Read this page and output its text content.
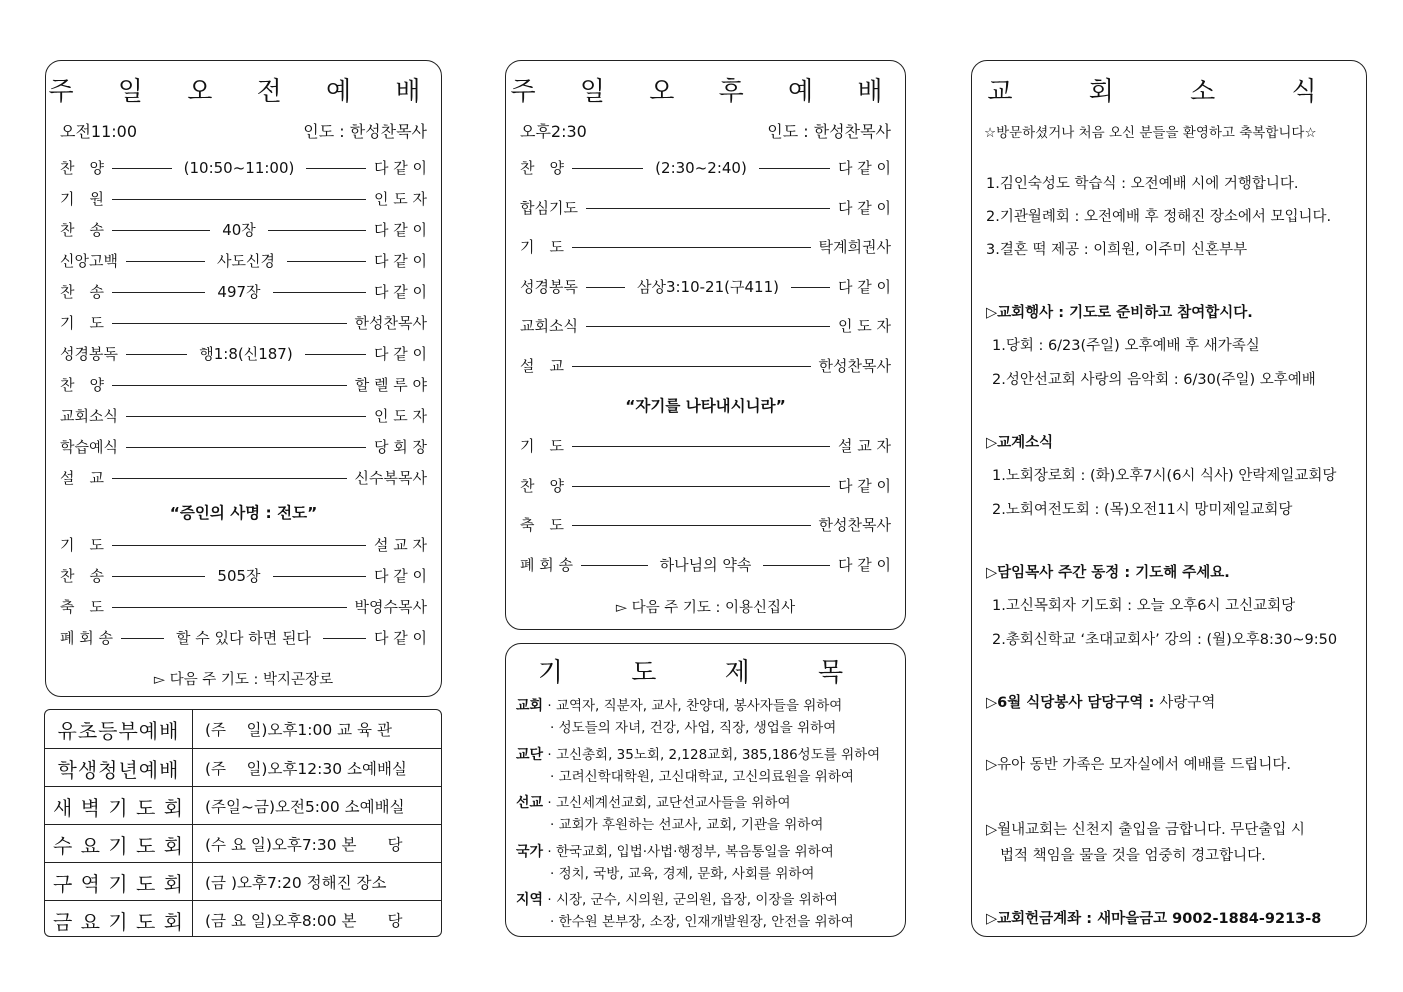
주 일 오 전 예 배
오전11:00	인도 : 한성찬목사
찬　양	(10:50~11:00)	다 같 이
기　원	인 도 자
찬　송	40장	다 같 이
신앙고백	사도신경	다 같 이
찬　송	497장	다 같 이
기　도	한성찬목사
성경봉독	행1:8(신187)	다 같 이
찬　양	할 렐 루 야
교회소식	인 도 자
학습예식	당 회 장
설　교	신수복목사
“증인의 사명 : 전도”
기　도	설 교 자
찬　송	505장	다 같 이
축　도	박영수목사
폐 회 송	할 수 있다 하면 된다	다 같 이
▻ 다음 주 기도 : 박지곤장로
유초등부예배	(주　 일)오후1:00 교 육 관
학생청년예배	(주　 일)오후12:30 소예배실
새 벽 기 도 회	(주일~금)오전5:00 소예배실
수 요 기 도 회	(수 요 일)오후7:30 본　　당
구 역 기 도 회	(금 )오후7:20 정해진 장소
금 요 기 도 회	(금 요 일)오후8:00 본　　당
주 일 오 후 예 배
오후2:30	인도 : 한성찬목사
찬　양	(2:30~2:40)	다 같 이
합심기도	다 같 이
기　도	탁계희권사
성경봉독	삼상3:10-21(구411)	다 같 이
교회소식	인 도 자
설　교	한성찬목사
“자기를 나타내시니라”
기　도	설 교 자
찬　양	다 같 이
축　도	한성찬목사
폐 회 송	하나님의 약속	다 같 이
▻ 다음 주 기도 : 이용신집사
기 도 제 목
교회 · 교역자, 직분자, 교사, 찬양대, 봉사자들을 위하여
· 성도들의 자녀, 건강, 사업, 직장, 생업을 위하여
교단 · 고신총회, 35노회, 2,128교회, 385,186성도를 위하여
· 고려신학대학원, 고신대학교, 고신의료원을 위하여
선교 · 고신세계선교회, 교단선교사들을 위하여
· 교회가 후원하는 선교사, 교회, 기관을 위하여
국가 · 한국교회, 입법·사법·행정부, 복음통일을 위하여
· 정치, 국방, 교육, 경제, 문화, 사회를 위하여
지역 · 시장, 군수, 시의원, 군의원, 읍장, 이장을 위하여
· 한수원 본부장, 소장, 인재개발원장, 안전을 위하여
교 회 소 식
☆방문하셨거나 처음 오신 분들을 환영하고 축복합니다☆
1.김인숙성도 학습식 : 오전예배 시에 거행합니다.
2.기관월례회 : 오전예배 후 정해진 장소에서 모입니다.
3.결혼 떡 제공 : 이희원, 이주미 신혼부부
▷교회행사 : 기도로 준비하고 참여합시다.
1.당회 : 6/23(주일) 오후예배 후 새가족실
2.성안선교회 사랑의 음악회 : 6/30(주일) 오후예배
▷교계소식
1.노회장로회 : (화)오후7시(6시 식사) 안락제일교회당
2.노회여전도회 : (목)오전11시 망미제일교회당
▷담임목사 주간 동정 : 기도해 주세요.
1.고신목회자 기도회 : 오늘 오후6시 고신교회당
2.총회신학교 ‘초대교회사’ 강의 : (월)오후8:30~9:50
▷6월 식당봉사 담당구역 : 사랑구역
▷유아 동반 가족은 모자실에서 예배를 드립니다.
▷월내교회는 신천지 출입을 금합니다. 무단출입 시
법적 책임을 물을 것을 엄중히 경고합니다.
▷교회헌금계좌 : 새마을금고 9002-1884-9213-8
